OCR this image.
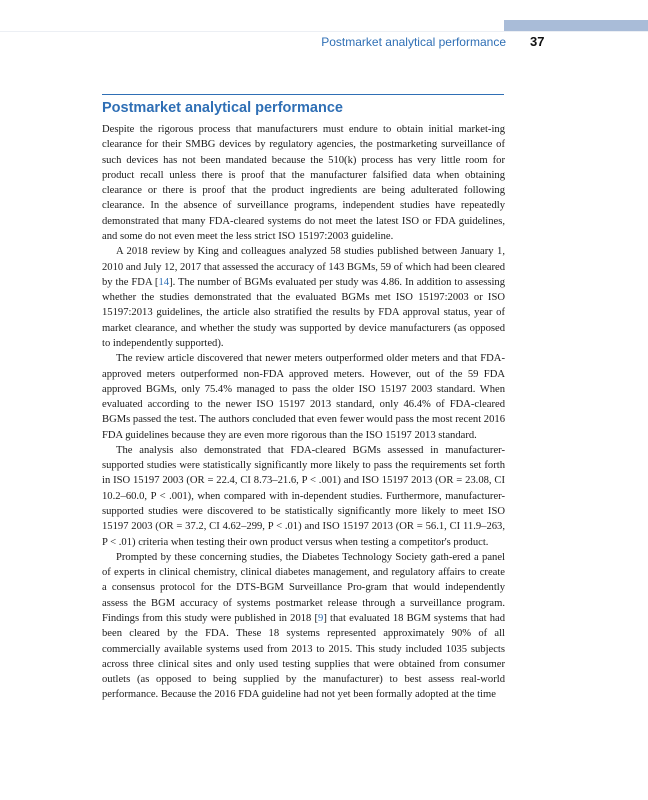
Postmarket analytical performance 37
Postmarket analytical performance

Despite the rigorous process that manufacturers must endure to obtain initial market-ing clearance for their SMBG devices by regulatory agencies, the postmarketing surveillance of such devices has not been mandated because the 510(k) process has very little room for product recall unless there is proof that the manufacturer falsified data when obtaining clearance or there is proof that the product ingredients are being adulterated following clearance. In the absence of surveillance programs, independent studies have repeatedly demonstrated that many FDA-cleared systems do not meet the latest ISO or FDA guidelines, and some do not even meet the less strict ISO 15197:2003 guideline.

A 2018 review by King and colleagues analyzed 58 studies published between January 1, 2010 and July 12, 2017 that assessed the accuracy of 143 BGMs, 59 of which had been cleared by the FDA [14]. The number of BGMs evaluated per study was 4.86. In addition to assessing whether the studies demonstrated that the evaluated BGMs met ISO 15197:2003 or ISO 15197:2013 guidelines, the article also stratified the results by FDA approval status, year of market clearance, and whether the study was supported by device manufacturers (as opposed to independently supported).

The review article discovered that newer meters outperformed older meters and that FDA-approved meters outperformed non-FDA approved meters. However, out of the 59 FDA approved BGMs, only 75.4% managed to pass the older ISO 15197 2003 standard. When evaluated according to the newer ISO 15197 2013 standard, only 46.4% of FDA-cleared BGMs passed the test. The authors concluded that even fewer would pass the most recent 2016 FDA guidelines because they are even more rigorous than the ISO 15197 2013 standard.

The analysis also demonstrated that FDA-cleared BGMs assessed in manufacturer-supported studies were statistically significantly more likely to pass the requirements set forth in ISO 15197 2003 (OR = 22.4, CI 8.73–21.6, P < .001) and ISO 15197 2013 (OR = 23.08, CI 10.2–60.0, P < .001), when compared with in-dependent studies. Furthermore, manufacturer-supported studies were discovered to be statistically significantly more likely to meet ISO 15197 2003 (OR = 37.2, CI 4.62–299, P < .01) and ISO 15197 2013 (OR = 56.1, CI 11.9–263, P < .01) criteria when testing their own product versus when testing a competitor's product.

Prompted by these concerning studies, the Diabetes Technology Society gath-ered a panel of experts in clinical chemistry, clinical diabetes management, and regulatory affairs to create a consensus protocol for the DTS-BGM Surveillance Pro-gram that would independently assess the BGM accuracy of systems postmarket release through a surveillance program. Findings from this study were published in 2018 [9] that evaluated 18 BGM systems that had been cleared by the FDA. These 18 systems represented approximately 90% of all commercially available systems used from 2013 to 2015. This study included 1035 subjects across three clinical sites and only used testing supplies that were obtained from consumer outlets (as opposed to being supplied by the manufacturer) to best assess real-world performance. Because the 2016 FDA guideline had not yet been formally adopted at the time
